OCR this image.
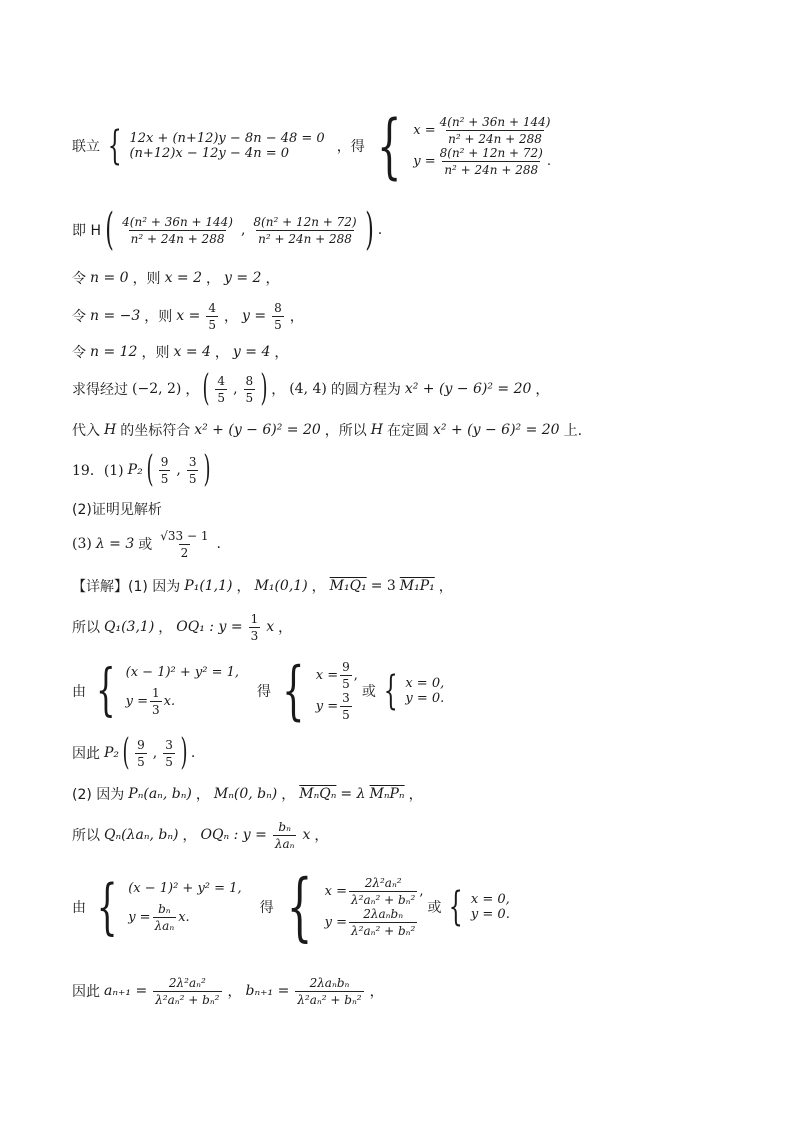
联立 { 12x + (n+12)y − 8n − 48 = 0
(n+12)x − 12y − 4n = 0	，得 { $x = \frac{\text{4(n² + 36n + 144)}}{\text{n² + 24n + 288}}$
$y = \frac{\text{8(n² + 12n + 72)}}{\text{n² + 24n + 288}}$ .
即 H ( $\frac{\text{4(n² + 36n + 144)}}{\text{n² + 24n + 288}}$ , $\frac{\text{8(n² + 12n + 72)}}{\text{n² + 24n + 288}}$ ) .
令 n = 0 ，则 x = 2 ， y = 2 ，
令 n = −3 ，则 $x = \frac{4}{5}$ ， $y = \frac{8}{5}$ ，
令 n = 12 ，则 x = 4 ， y = 4 ，
求得经过 (−2, 2) ， ( $\frac{4}{5}$ , $\frac{8}{5}$ ) ， (4, 4) 的圆方程为 x² + (y − 6)² = 20 ，
代入 H 的坐标符合 x² + (y − 6)² = 20 ，所以 H 在定圆 x² + (y − 6)² = 20 上.
19．(1) P₂ ( $\frac{9}{5}$ , $\frac{3}{5}$ )
(2)证明见解析
(3) λ = 3 或 $\frac{√33 - 1}{2}$ .
【详解】(1) 因为 P₁(1,1) ， M₁(0,1) ， M₁Q₁ = 3 M₁P₁ ，
所以 Q₁(3,1) ， OQ₁ : $y = \frac{1}{3}$ x ，
由 { (x − 1)² + y² = 1,
$y = \frac{1}{3} x$.
得 { $x = \frac{9}{5}$ ,
$y = \frac{3}{5}$ 或 { x = 0,
y = 0.
因此 P₂ ( $\frac{9}{5}$ , $\frac{3}{5}$ ) .
(2) 因为 Pₙ(aₙ, bₙ) ， Mₙ(0, bₙ) ， MₙQₙ = λ MₙPₙ ，
所以 Qₙ(λaₙ, bₙ) ， OQₙ : $y = \frac{\text{bₙ}}{\text{λaₙ}}$ x ，
由 { (x − 1)² + y² = 1,
$y = \frac{\text{bₙ}}{\text{λaₙ}} x$.
得 { $x = \frac{\text{2λ²aₙ²}}{\text{λ²aₙ² + bₙ²}}$ ,
$y = \frac{\text{2λaₙbₙ}}{\text{λ²aₙ² + bₙ²}}$ 或 { x = 0,
y = 0.
因此 $a_{n+1} = \frac{\text{2λ²aₙ²}}{\text{λ²aₙ² + bₙ²}}$ ， $b_{n+1} = \frac{\text{2λaₙbₙ}}{\text{λ²aₙ² + bₙ²}}$ ，
